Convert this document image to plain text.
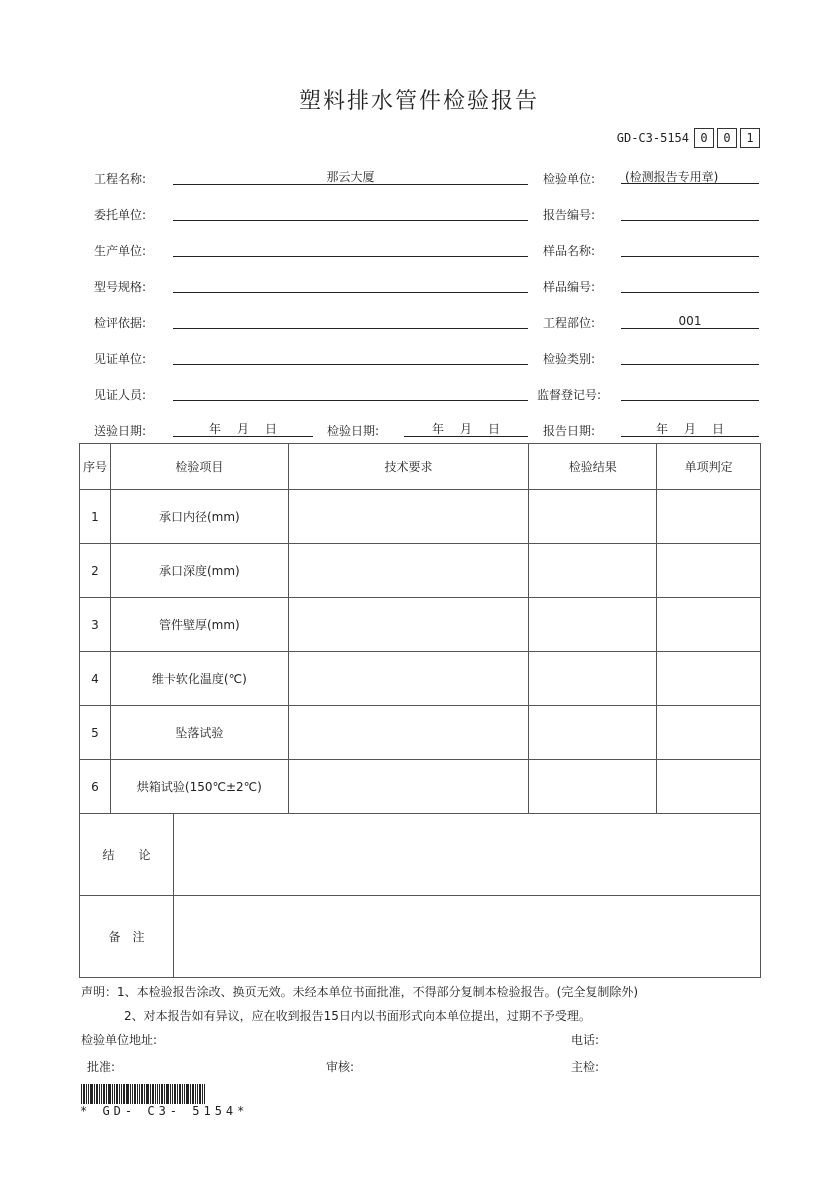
塑料排水管件检验报告
GD-C3-5154 0	0	1
工程名称:	那云大厦	检验单位:	(检测报告专用章)
委托单位:	报告编号:
生产单位:	样品名称:
型号规格:	样品编号:
检评依据:	工程部位:	001
见证单位:	检验类别:
见证人员:	监督登记号:
送验日期:	年 月 日	检验日期:	年 月 日	报告日期:	年 月 日
序号	检验项目	技术要求	检验结果	单项判定
1	承口内径(mm)			
2	承口深度(mm)			
3	管件壁厚(mm)			
4	维卡软化温度(℃)			
5	坠落试验			
6	烘箱试验(150℃±2℃)			
结　　论	
备　注	
声明：1、本检验报告涂改、换页无效。未经本单位书面批准，不得部分复制本检验报告。(完全复制除外)
2、对本报告如有异议，应在收到报告15日内以书面形式向本单位提出，过期不予受理。
检验单位地址:	电话:
批准:	审核:	主检:
* GD- C3- 5154*
